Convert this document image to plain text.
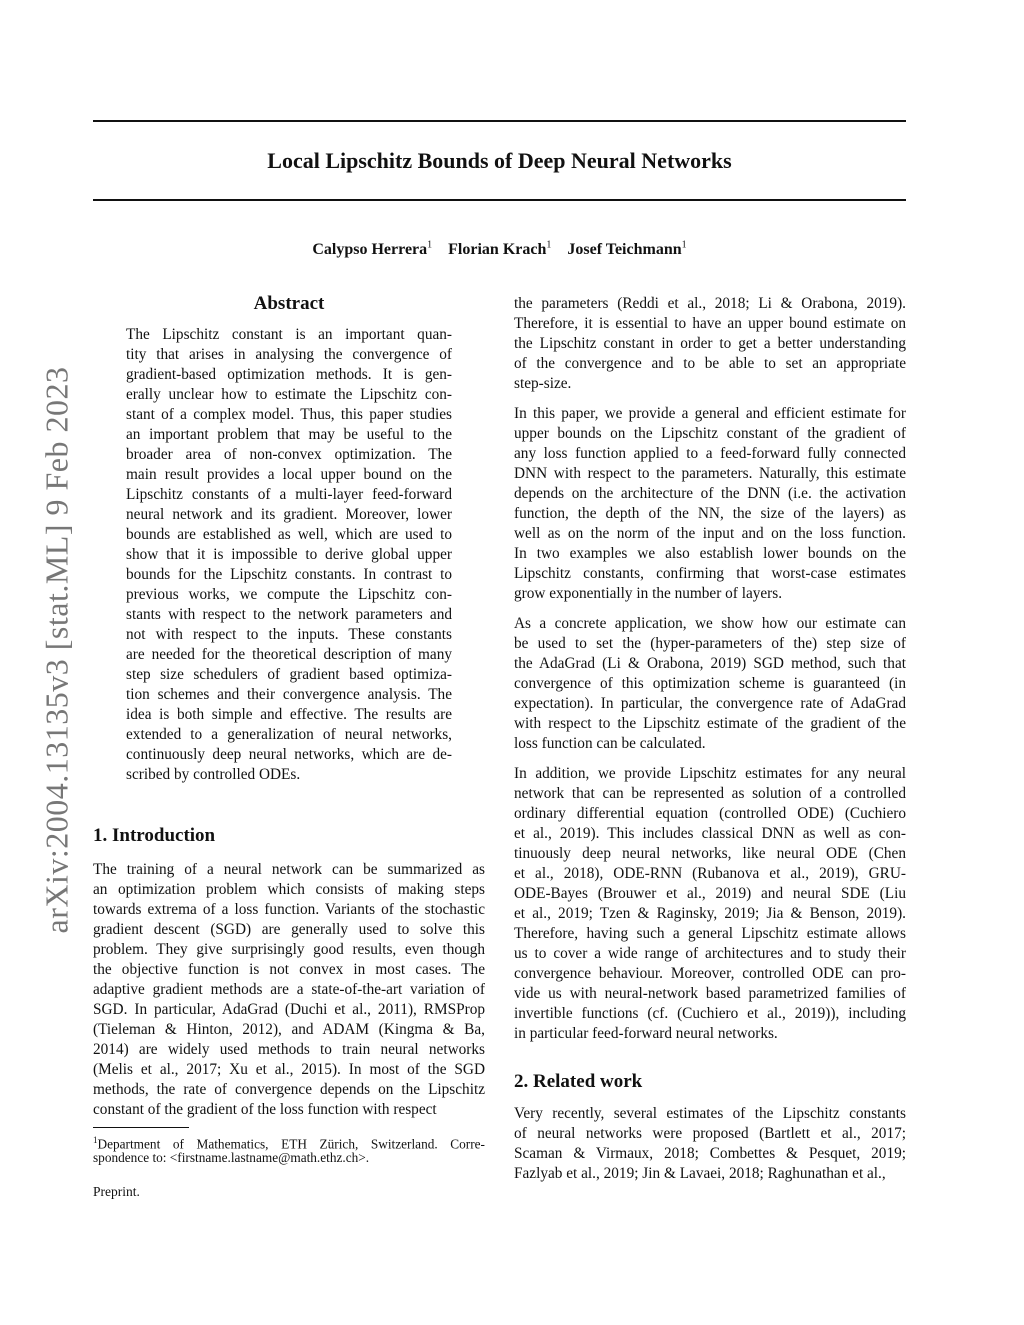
Local Lipschitz Bounds of Deep Neural Networks
Calypso Herrera$^1$ Florian Krach$^1$ Josef Teichmann$^1$
arXiv:2004.13135v3 [stat.ML] 9 Feb 2023
Abstract
The Lipschitz constant is an important quan-
tity that arises in analysing the convergence of
gradient-based optimization methods. It is gen-
erally unclear how to estimate the Lipschitz con-
stant of a complex model. Thus, this paper studies
an important problem that may be useful to the
broader area of non-convex optimization. The
main result provides a local upper bound on the
Lipschitz constants of a multi-layer feed-forward
neural network and its gradient. Moreover, lower
bounds are established as well, which are used to
show that it is impossible to derive global upper
bounds for the Lipschitz constants. In contrast to
previous works, we compute the Lipschitz con-
stants with respect to the network parameters and
not with respect to the inputs. These constants
are needed for the theoretical description of many
step size schedulers of gradient based optimiza-
tion schemes and their convergence analysis. The
idea is both simple and effective. The results are
extended to a generalization of neural networks,
continuously deep neural networks, which are de-
scribed by controlled ODEs.
1. Introduction
The training of a neural network can be summarized as
an optimization problem which consists of making steps
towards extrema of a loss function. Variants of the stochastic
gradient descent (SGD) are generally used to solve this
problem. They give surprisingly good results, even though
the objective function is not convex in most cases. The
adaptive gradient methods are a state-of-the-art variation of
SGD. In particular, AdaGrad (Duchi et al., 2011), RMSProp
(Tieleman & Hinton, 2012), and ADAM (Kingma & Ba,
2014) are widely used methods to train neural networks
(Melis et al., 2017; Xu et al., 2015). In most of the SGD
methods, the rate of convergence depends on the Lipschitz
constant of the gradient of the loss function with respect
$^1$Department of Mathematics, ETH Zürich, Switzerland. Corre-
spondence to: <firstname.lastname@math.ethz.ch>.
Preprint.
the parameters (Reddi et al., 2018; Li & Orabona, 2019).
Therefore, it is essential to have an upper bound estimate on
the Lipschitz constant in order to get a better understanding
of the convergence and to be able to set an appropriate
step-size.
In this paper, we provide a general and efficient estimate for
upper bounds on the Lipschitz constant of the gradient of
any loss function applied to a feed-forward fully connected
DNN with respect to the parameters. Naturally, this estimate
depends on the architecture of the DNN (i.e. the activation
function, the depth of the NN, the size of the layers) as
well as on the norm of the input and on the loss function.
In two examples we also establish lower bounds on the
Lipschitz constants, confirming that worst-case estimates
grow exponentially in the number of layers.
As a concrete application, we show how our estimate can
be used to set the (hyper-parameters of the) step size of
the AdaGrad (Li & Orabona, 2019) SGD method, such that
convergence of this optimization scheme is guaranteed (in
expectation). In particular, the convergence rate of AdaGrad
with respect to the Lipschitz estimate of the gradient of the
loss function can be calculated.
In addition, we provide Lipschitz estimates for any neural
network that can be represented as solution of a controlled
ordinary differential equation (controlled ODE) (Cuchiero
et al., 2019). This includes classical DNN as well as con-
tinuously deep neural networks, like neural ODE (Chen
et al., 2018), ODE-RNN (Rubanova et al., 2019), GRU-
ODE-Bayes (Brouwer et al., 2019) and neural SDE (Liu
et al., 2019; Tzen & Raginsky, 2019; Jia & Benson, 2019).
Therefore, having such a general Lipschitz estimate allows
us to cover a wide range of architectures and to study their
convergence behaviour. Moreover, controlled ODE can pro-
vide us with neural-network based parametrized families of
invertible functions (cf. (Cuchiero et al., 2019)), including
in particular feed-forward neural networks.
2. Related work
Very recently, several estimates of the Lipschitz constants
of neural networks were proposed (Bartlett et al., 2017;
Scaman & Virmaux, 2018; Combettes & Pesquet, 2019;
Fazlyab et al., 2019; Jin & Lavaei, 2018; Raghunathan et al.,
